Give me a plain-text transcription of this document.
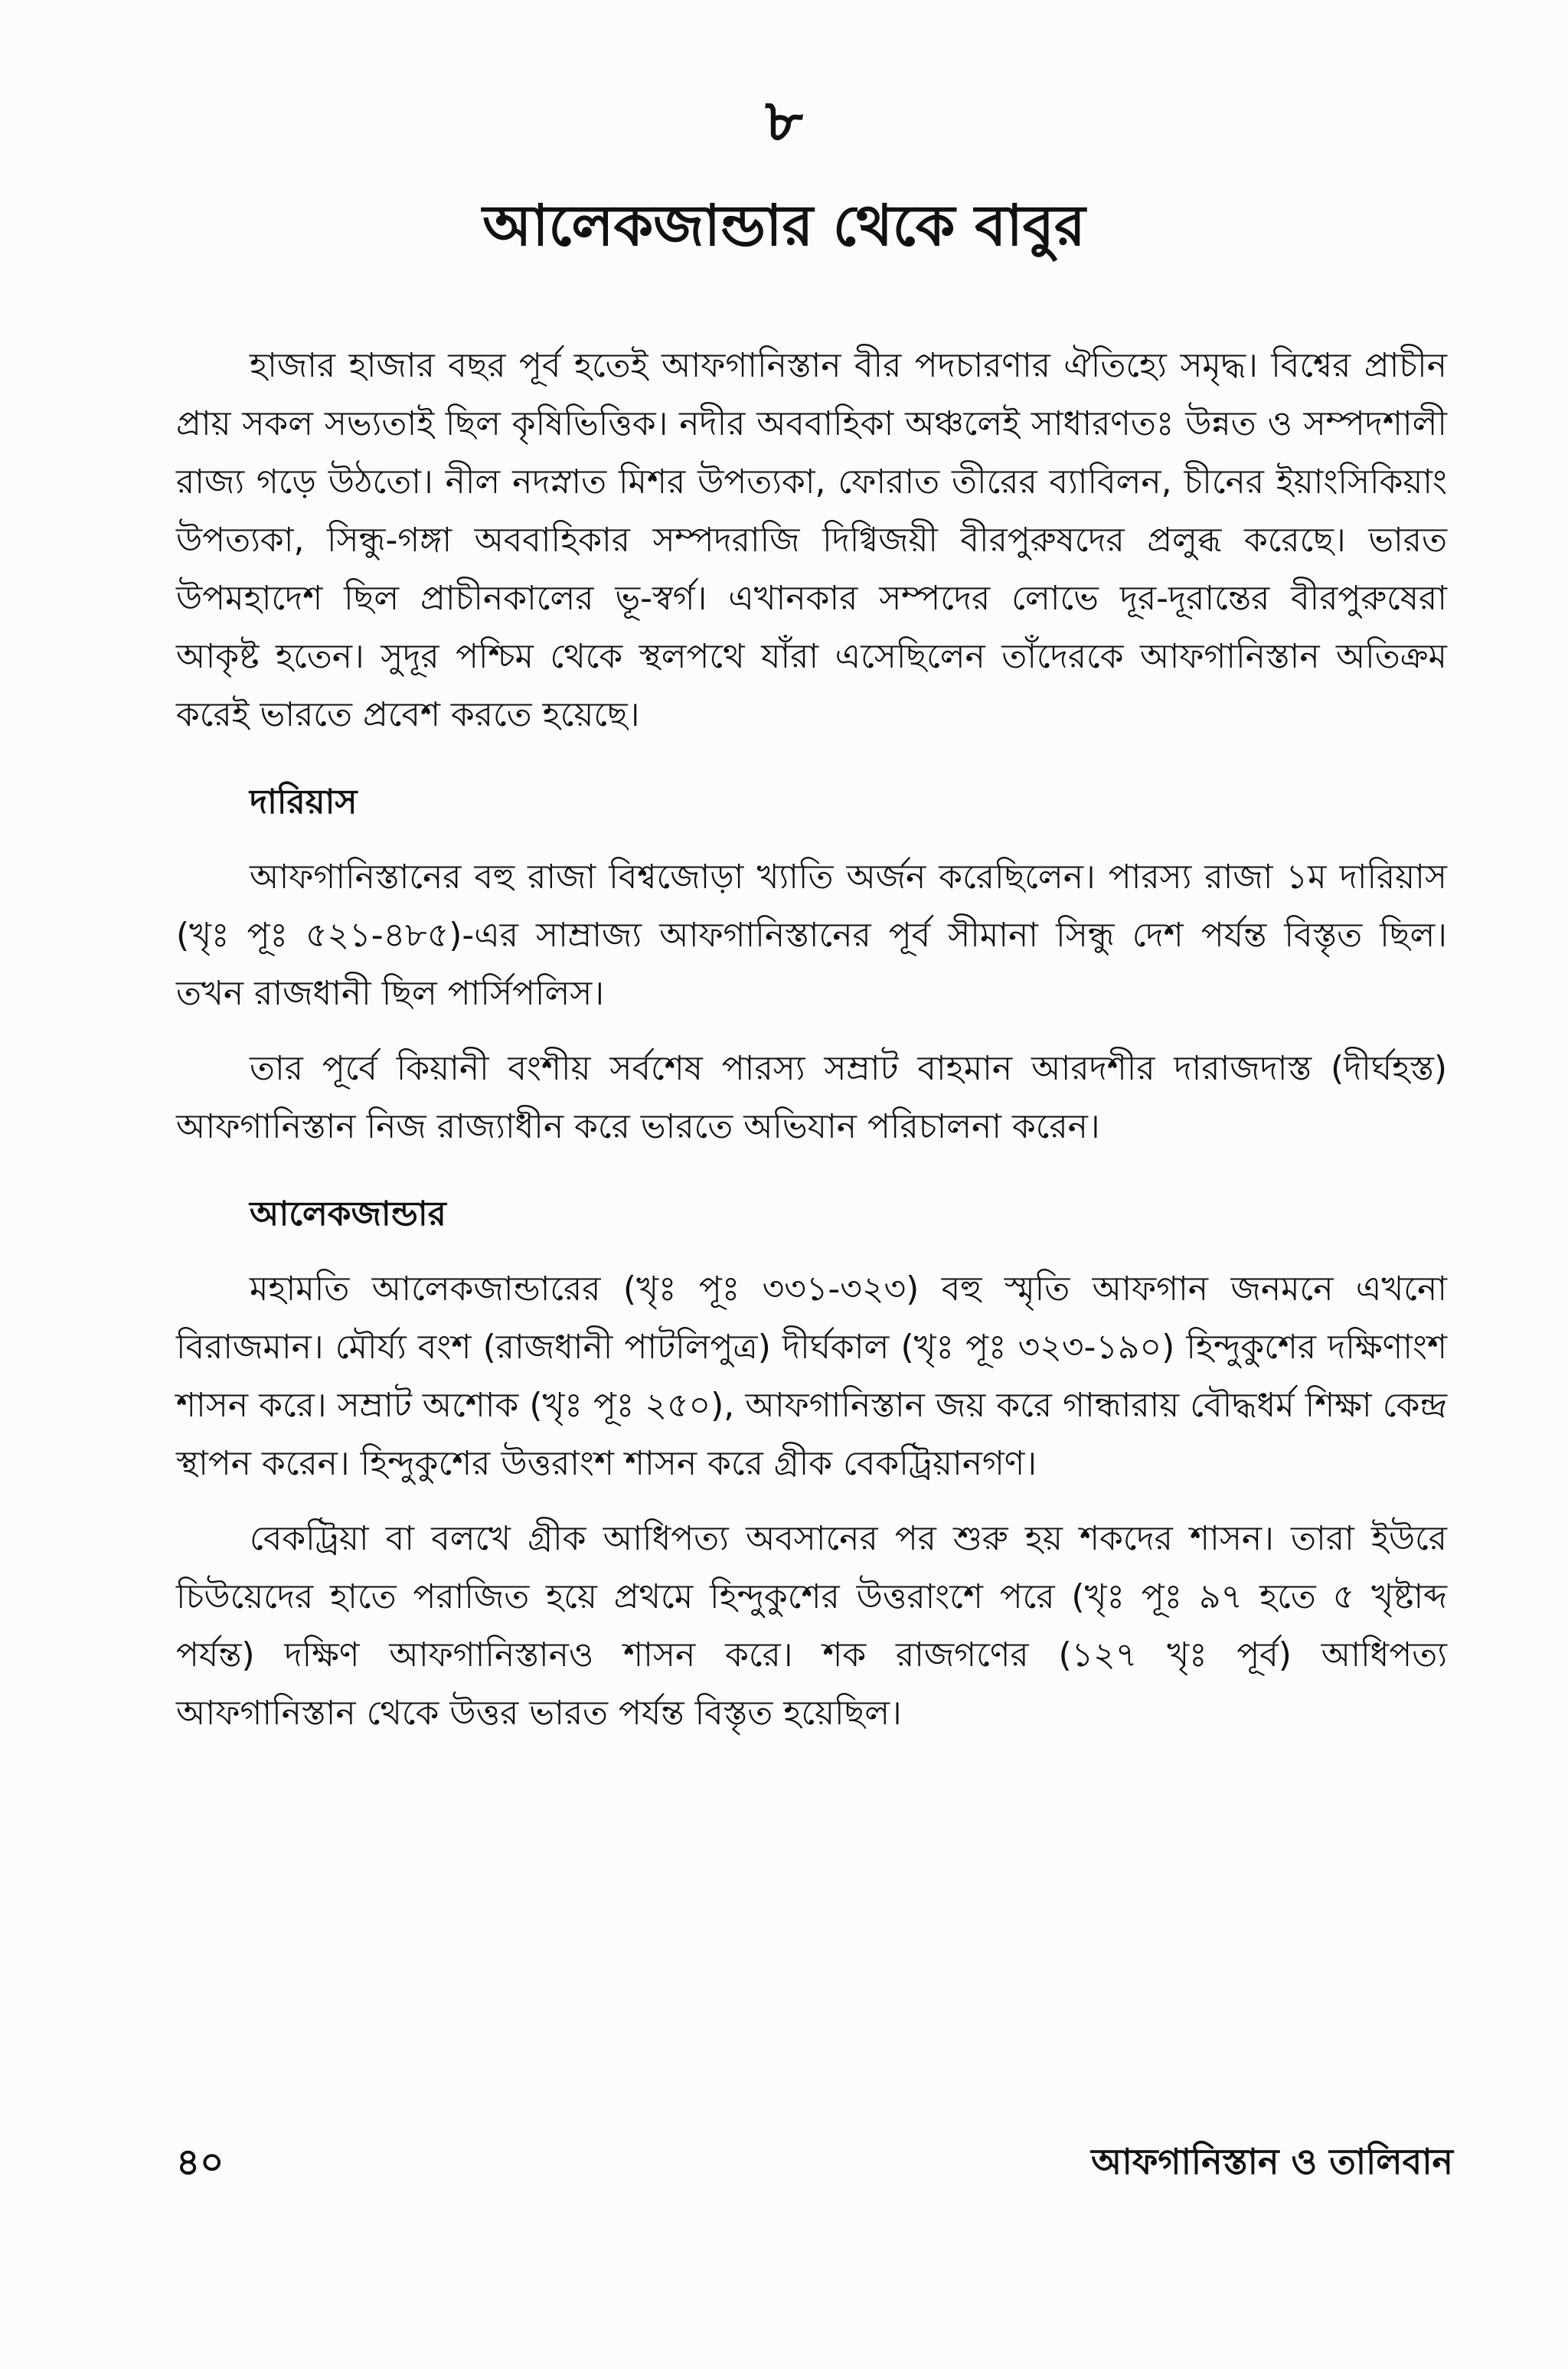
৮
আলেকজান্ডার থেকে বাবুর

হাজার হাজার বছর পূর্ব হতেই আফগানিস্তান বীর পদচারণার ঐতিহ্যে সমৃদ্ধ। বিশ্বের প্রাচীন প্রায় সকল সভ্যতাই ছিল কৃষিভিত্তিক। নদীর অববাহিকা অঞ্চলেই সাধারণতঃ উন্নত ও সম্পদশালী রাজ্য গড়ে উঠতো। নীল নদস্নাত মিশর উপত্যকা, ফোরাত তীরের ব্যাবিলন, চীনের ইয়াংসিকিয়াং উপত্যকা, সিন্ধু-গঙ্গা অববাহিকার সম্পদরাজি দিগ্বিজয়ী বীরপুরুষদের প্রলুব্ধ করেছে। ভারত উপমহাদেশ ছিল প্রাচীনকালের ভূ-স্বর্গ। এখানকার সম্পদের লোভে দূর-দূরান্তের বীরপুরুষেরা আকৃষ্ট হতেন। সুদূর পশ্চিম থেকে স্থলপথে যাঁরা এসেছিলেন তাঁদেরকে আফগানিস্তান অতিক্রম করেই ভারতে প্রবেশ করতে হয়েছে।

দারিয়াস

আফগানিস্তানের বহু রাজা বিশ্বজোড়া খ্যাতি অর্জন করেছিলেন। পারস্য রাজা ১ম দারিয়াস (খৃঃ পূঃ ৫২১-৪৮৫)-এর সাম্রাজ্য আফগানিস্তানের পূর্ব সীমানা সিন্ধু দেশ পর্যন্ত বিস্তৃত ছিল। তখন রাজধানী ছিল পার্সিপলিস।

তার পূর্বে কিয়ানী বংশীয় সর্বশেষ পারস্য সম্রাট বাহমান আরদশীর দারাজদাস্ত (দীর্ঘহস্ত) আফগানিস্তান নিজ রাজ্যাধীন করে ভারতে অভিযান পরিচালনা করেন।

আলেকজান্ডার

মহামতি আলেকজান্ডারের (খৃঃ পূঃ ৩৩১-৩২৩) বহু স্মৃতি আফগান জনমনে এখনো বিরাজমান। মৌর্য্য বংশ (রাজধানী পাটলিপুত্র) দীর্ঘকাল (খৃঃ পূঃ ৩২৩-১৯০) হিন্দুকুশের দক্ষিণাংশ শাসন করে। সম্রাট অশোক (খৃঃ পূঃ ২৫০), আফগানিস্তান জয় করে গান্ধারায় বৌদ্ধধর্ম শিক্ষা কেন্দ্র স্থাপন করেন। হিন্দুকুশের উত্তরাংশ শাসন করে গ্রীক বেকট্রিয়ানগণ।

বেকট্রিয়া বা বলখে গ্রীক আধিপত্য অবসানের পর শুরু হয় শকদের শাসন। তারা ইউরে চিউয়েদের হাতে পরাজিত হয়ে প্রথমে হিন্দুকুশের উত্তরাংশে পরে (খৃঃ পূঃ ৯৭ হতে ৫ খৃষ্টাব্দ পর্যন্ত) দক্ষিণ আফগানিস্তানও শাসন করে। শক রাজগণের (১২৭ খৃঃ পূর্ব) আধিপত্য আফগানিস্তান থেকে উত্তর ভারত পর্যন্ত বিস্তৃত হয়েছিল।

৪০	আফগানিস্তান ও তালিবান
